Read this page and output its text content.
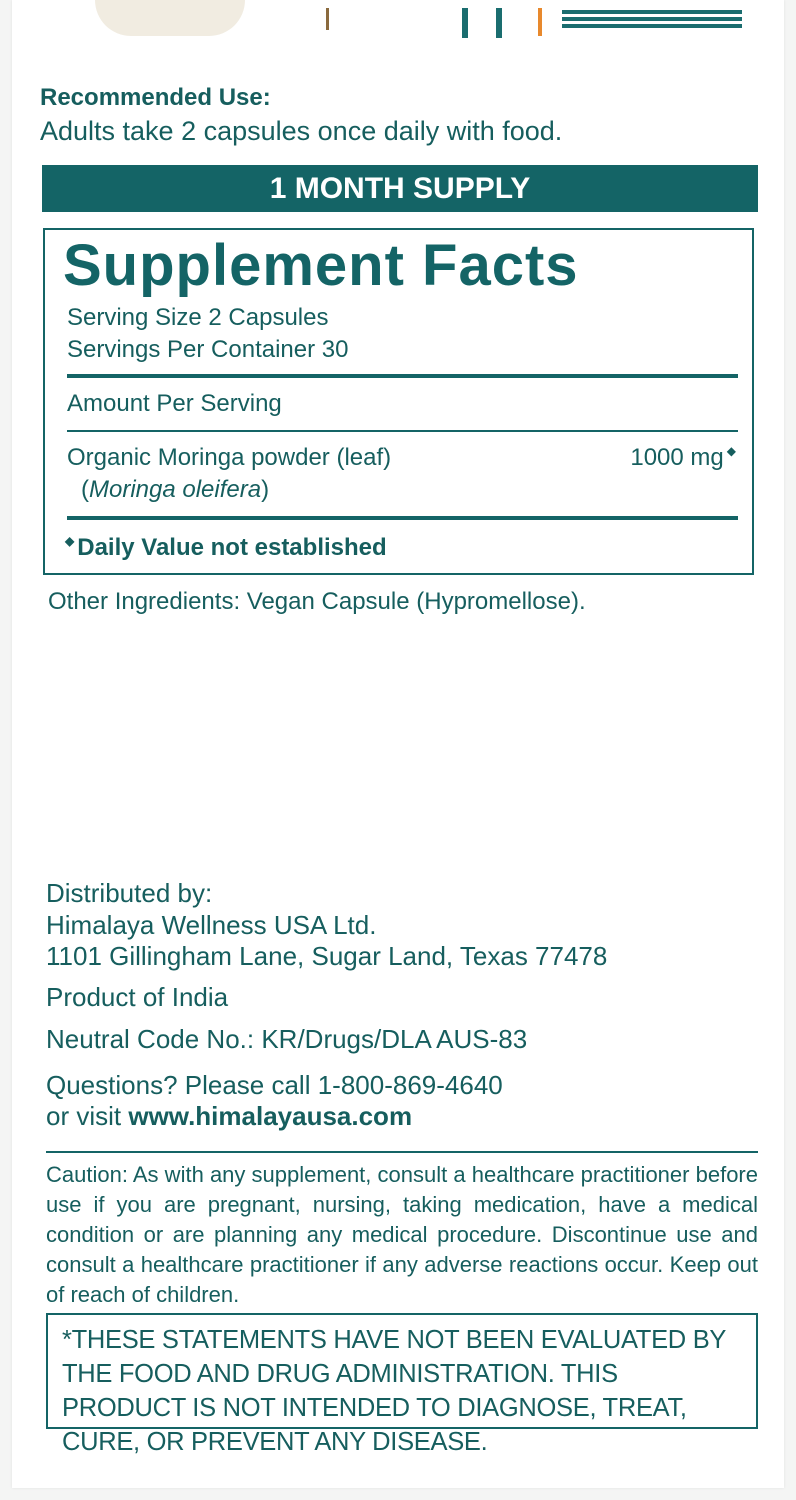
Recommended Use:
Adults take 2 capsules once daily with food.
1 MONTH SUPPLY
Supplement Facts
Serving Size 2 Capsules
Servings Per Container 30
Amount Per Serving
Organic Moringa powder (leaf)	1000 mg ◆
(Moringa oleifera)
◆ Daily Value not established
Other Ingredients: Vegan Capsule (Hypromellose).
Distributed by:
Himalaya Wellness USA Ltd.
1101 Gillingham Lane, Sugar Land, Texas 77478
Product of India
Neutral Code No.: KR/Drugs/DLA AUS-83
Questions? Please call 1-800-869-4640
or visit www.himalayausa.com
Caution: As with any supplement, consult a healthcare practitioner before use if you are pregnant, nursing, taking medication, have a medical condition or are planning any medical procedure. Discontinue use and consult a healthcare practitioner if any adverse reactions occur. Keep out of reach of children.
*THESE STATEMENTS HAVE NOT BEEN EVALUATED BY THE FOOD AND DRUG ADMINISTRATION. THIS PRODUCT IS NOT INTENDED TO DIAGNOSE, TREAT, CURE, OR PREVENT ANY DISEASE.
